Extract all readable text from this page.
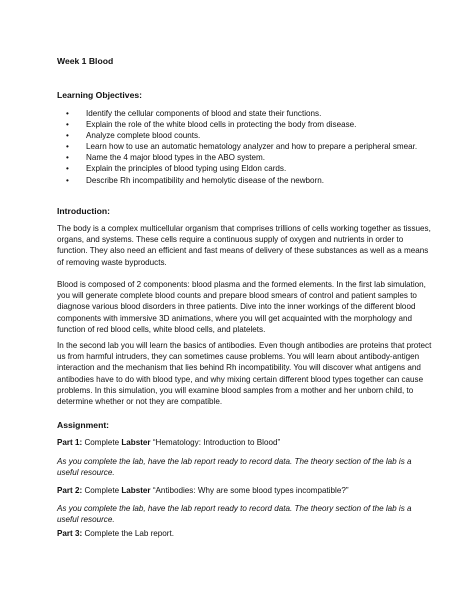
Week 1 Blood
Learning Objectives:
• Identify the cellular components of blood and state their functions.
• Explain the role of the white blood cells in protecting the body from disease.
• Analyze complete blood counts.
• Learn how to use an automatic hematology analyzer and how to prepare a peripheral smear.
• Name the 4 major blood types in the ABO system.
• Explain the principles of blood typing using Eldon cards.
• Describe Rh incompatibility and hemolytic disease of the newborn.
Introduction:

The body is a complex multicellular organism that comprises trillions of cells working together as tissues, organs, and systems. These cells require a continuous supply of oxygen and nutrients in order to function. They also need an efficient and fast means of delivery of these substances as well as a means of removing waste byproducts.

Blood is composed of 2 components: blood plasma and the formed elements. In the first lab simulation, you will generate complete blood counts and prepare blood smears of control and patient samples to diagnose various blood disorders in three patients. Dive into the inner workings of the different blood components with immersive 3D animations, where you will get acquainted with the morphology and function of red blood cells, white blood cells, and platelets.

In the second lab you will learn the basics of antibodies. Even though antibodies are proteins that protect us from harmful intruders, they can sometimes cause problems. You will learn about antibody-antigen interaction and the mechanism that lies behind Rh incompatibility. You will discover what antigens and antibodies have to do with blood type, and why mixing certain different blood types together can cause problems. In this simulation, you will examine blood samples from a mother and her unborn child, to determine whether or not they are compatible.

Assignment:

Part 1: Complete Labster “Hematology: Introduction to Blood”

As you complete the lab, have the lab report ready to record data. The theory section of the lab is a useful resource.

Part 2: Complete Labster “Antibodies: Why are some blood types incompatible?”

As you complete the lab, have the lab report ready to record data. The theory section of the lab is a useful resource.

Part 3: Complete the Lab report.
